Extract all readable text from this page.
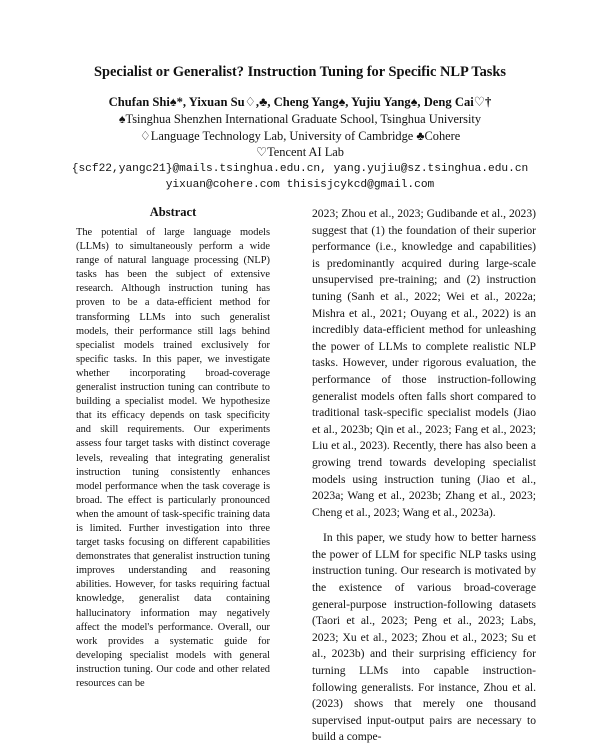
Specialist or Generalist? Instruction Tuning for Specific NLP Tasks
Chufan Shi♠*, Yixuan Su♢,♣, Cheng Yang♠, Yujiu Yang♠, Deng Cai♡†
♠Tsinghua Shenzhen International Graduate School, Tsinghua University
♢Language Technology Lab, University of Cambridge ♣Cohere
♡Tencent AI Lab
{scf22,yangc21}@mails.tsinghua.edu.cn, yang.yujiu@sz.tsinghua.edu.cn
yixuan@cohere.com thisisjcykcd@gmail.com
Abstract
The potential of large language models (LLMs) to simultaneously perform a wide range of natural language processing (NLP) tasks has been the subject of extensive research. Although instruction tuning has proven to be a data-efficient method for transforming LLMs into such generalist models, their performance still lags behind specialist models trained exclusively for specific tasks. In this paper, we investigate whether incorporating broad-coverage generalist instruction tuning can contribute to building a specialist model. We hypothesize that its efficacy depends on task specificity and skill requirements. Our experiments assess four target tasks with distinct coverage levels, revealing that integrating generalist instruction tuning consistently enhances model performance when the task coverage is broad. The effect is particularly pronounced when the amount of task-specific training data is limited. Further investigation into three target tasks focusing on different capabilities demonstrates that generalist instruction tuning improves understanding and reasoning abilities. However, for tasks requiring factual knowledge, generalist data containing hallucinatory information may negatively affect the model's performance. Overall, our work provides a systematic guide for developing specialist models with general instruction tuning. Our code and other related resources can be

2023; Zhou et al., 2023; Gudibande et al., 2023) suggest that (1) the foundation of their superior performance (i.e., knowledge and capabilities) is predominantly acquired during large-scale unsupervised pre-training; and (2) instruction tuning (Sanh et al., 2022; Wei et al., 2022a; Mishra et al., 2021; Ouyang et al., 2022) is an incredibly data-efficient method for unleashing the power of LLMs to complete realistic NLP tasks. However, under rigorous evaluation, the performance of those instruction-following generalist models often falls short compared to traditional task-specific specialist models (Jiao et al., 2023b; Qin et al., 2023; Fang et al., 2023; Liu et al., 2023). Recently, there has also been a growing trend towards developing specialist models using instruction tuning (Jiao et al., 2023a; Wang et al., 2023b; Zhang et al., 2023; Cheng et al., 2023; Wang et al., 2023a).

In this paper, we study how to better harness the power of LLM for specific NLP tasks using instruction tuning. Our research is motivated by the existence of various broad-coverage general-purpose instruction-following datasets (Taori et al., 2023; Peng et al., 2023; Labs, 2023; Xu et al., 2023; Zhou et al., 2023; Su et al., 2023b) and their surprising efficiency for turning LLMs into capable instruction-following generalists. For instance, Zhou et al. (2023) shows that merely one thousand supervised input-output pairs are necessary to build a compe-
